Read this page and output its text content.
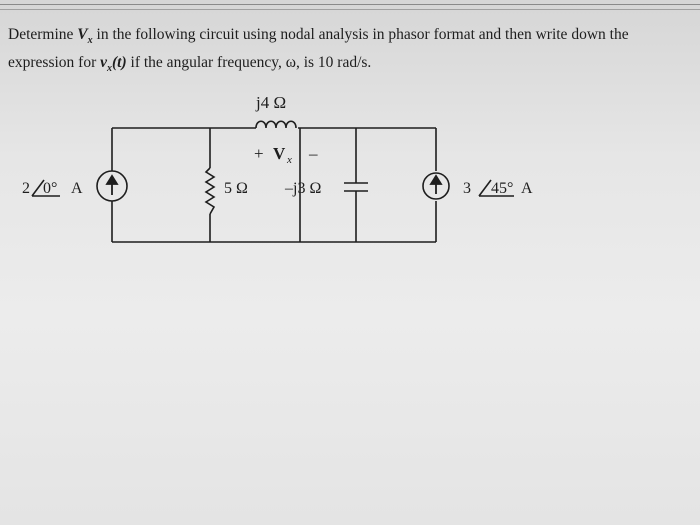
Determine $V_x$ in the following circuit using nodal analysis in phasor format and then write down the
expression for $v_x(t)$ if the angular frequency, ω, is 10 rad/s.
j4 Ω
+ V x –
2 0° A	5 Ω –j3 Ω	3 45° A
